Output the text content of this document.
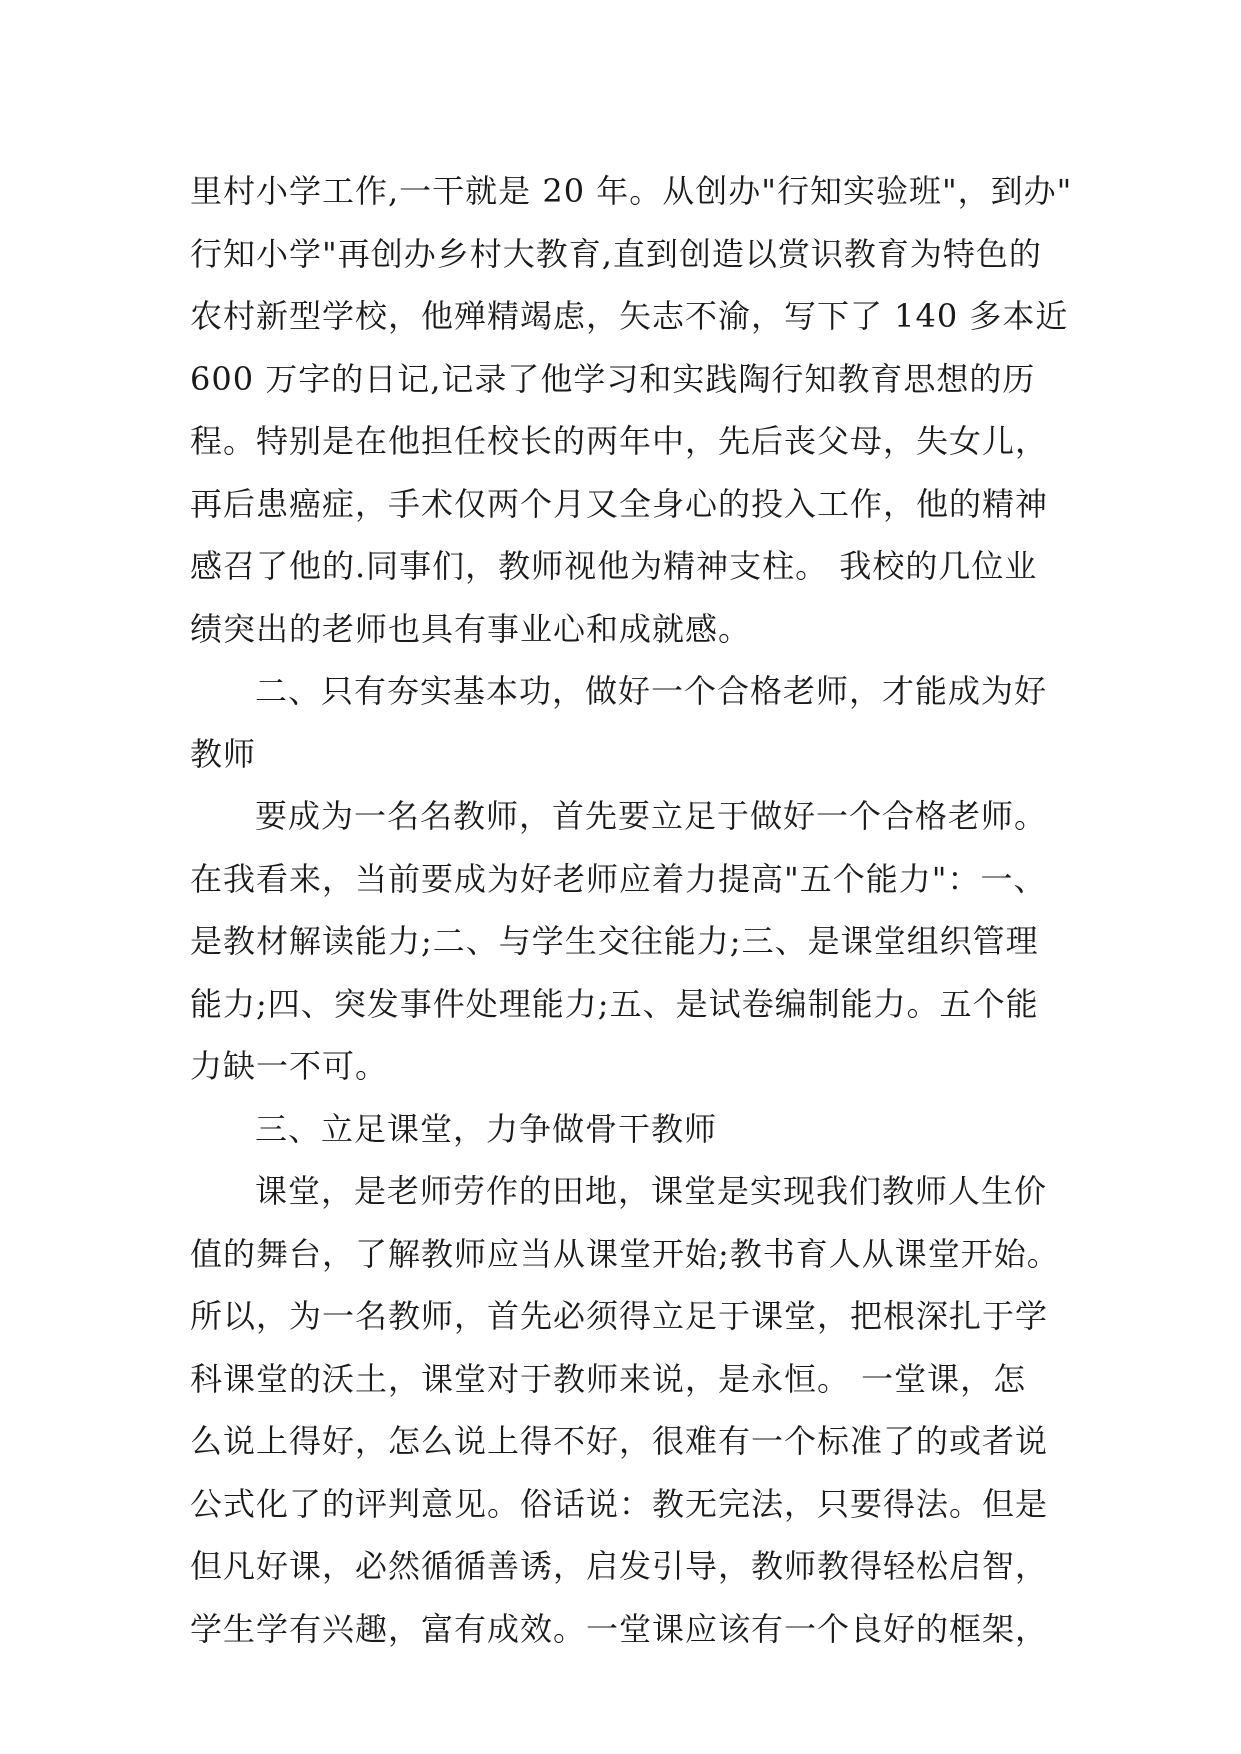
里村小学工作,一干就是 20 年。从创办"行知实验班"，到办"
行知小学"再创办乡村大教育,直到创造以赏识教育为特色的
农村新型学校，他殚精竭虑，矢志不渝，写下了 140 多本近
600 万字的日记,记录了他学习和实践陶行知教育思想的历
程。特别是在他担任校长的两年中，先后丧父母，失女儿，
再后患癌症，手术仅两个月又全身心的投入工作，他的精神
感召了他的.同事们，教师视他为精神支柱。 我校的几位业
绩突出的老师也具有事业心和成就感。
二、只有夯实基本功，做好一个合格老师，才能成为好
教师
要成为一名名教师，首先要立足于做好一个合格老师。
在我看来，当前要成为好老师应着力提高"五个能力"：一、
是教材解读能力;二、与学生交往能力;三、是课堂组织管理
能力;四、突发事件处理能力;五、是试卷编制能力。五个能
力缺一不可。
三、立足课堂，力争做骨干教师
课堂，是老师劳作的田地，课堂是实现我们教师人生价
值的舞台，了解教师应当从课堂开始;教书育人从课堂开始。
所以，为一名教师，首先必须得立足于课堂，把根深扎于学
科课堂的沃土，课堂对于教师来说，是永恒。 一堂课，怎
么说上得好，怎么说上得不好，很难有一个标准了的或者说
公式化了的评判意见。俗话说：教无完法，只要得法。但是
但凡好课，必然循循善诱，启发引导，教师教得轻松启智，
学生学有兴趣，富有成效。一堂课应该有一个良好的框架，
